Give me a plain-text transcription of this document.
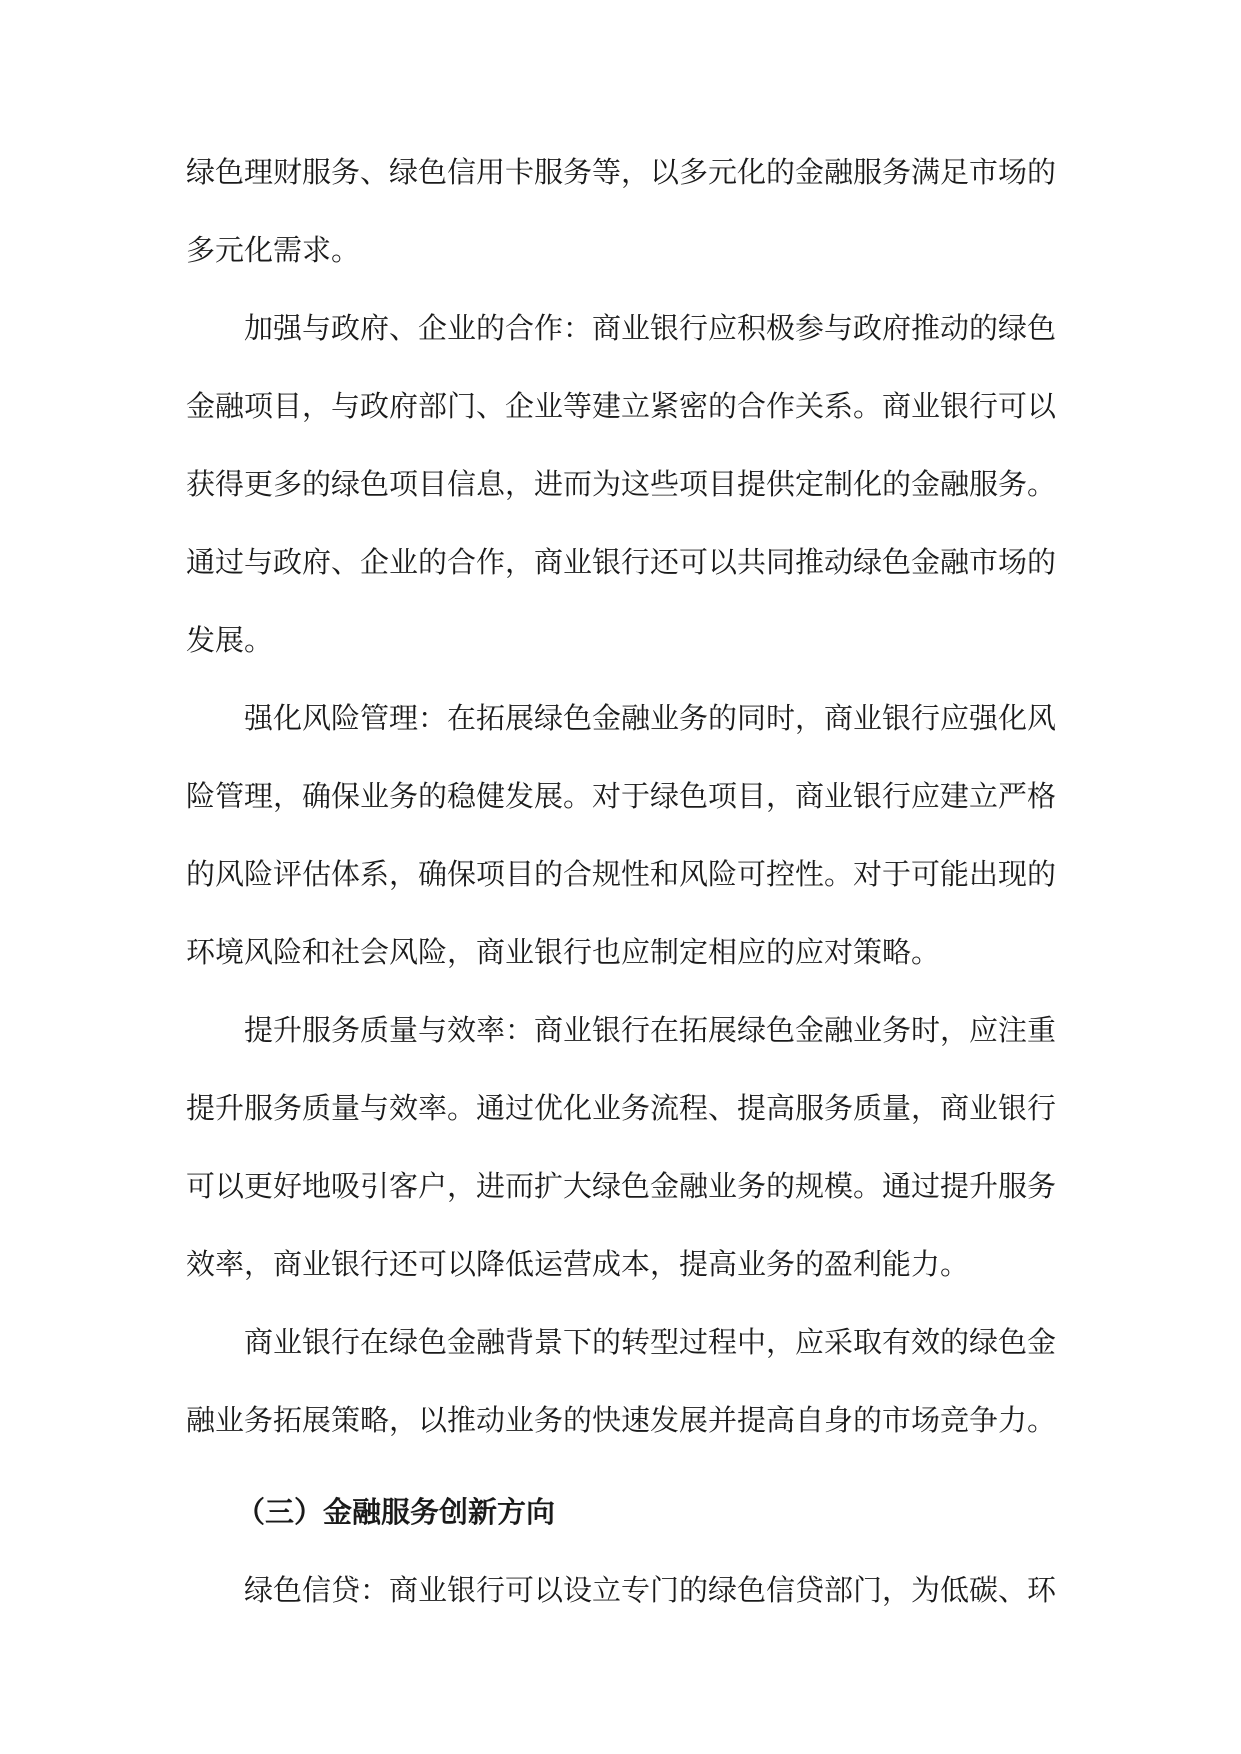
绿色理财服务、绿色信用卡服务等，以多元化的金融服务满足市场的
多元化需求。
加强与政府、企业的合作：商业银行应积极参与政府推动的绿色
金融项目，与政府部门、企业等建立紧密的合作关系。商业银行可以
获得更多的绿色项目信息，进而为这些项目提供定制化的金融服务。
通过与政府、企业的合作，商业银行还可以共同推动绿色金融市场的
发展。
强化风险管理：在拓展绿色金融业务的同时，商业银行应强化风
险管理，确保业务的稳健发展。对于绿色项目，商业银行应建立严格
的风险评估体系，确保项目的合规性和风险可控性。对于可能出现的
环境风险和社会风险，商业银行也应制定相应的应对策略。
提升服务质量与效率：商业银行在拓展绿色金融业务时，应注重
提升服务质量与效率。通过优化业务流程、提高服务质量，商业银行
可以更好地吸引客户，进而扩大绿色金融业务的规模。通过提升服务
效率，商业银行还可以降低运营成本，提高业务的盈利能力。
商业银行在绿色金融背景下的转型过程中，应采取有效的绿色金
融业务拓展策略，以推动业务的快速发展并提高自身的市场竞争力。
（三）金融服务创新方向
绿色信贷：商业银行可以设立专门的绿色信贷部门，为低碳、环
